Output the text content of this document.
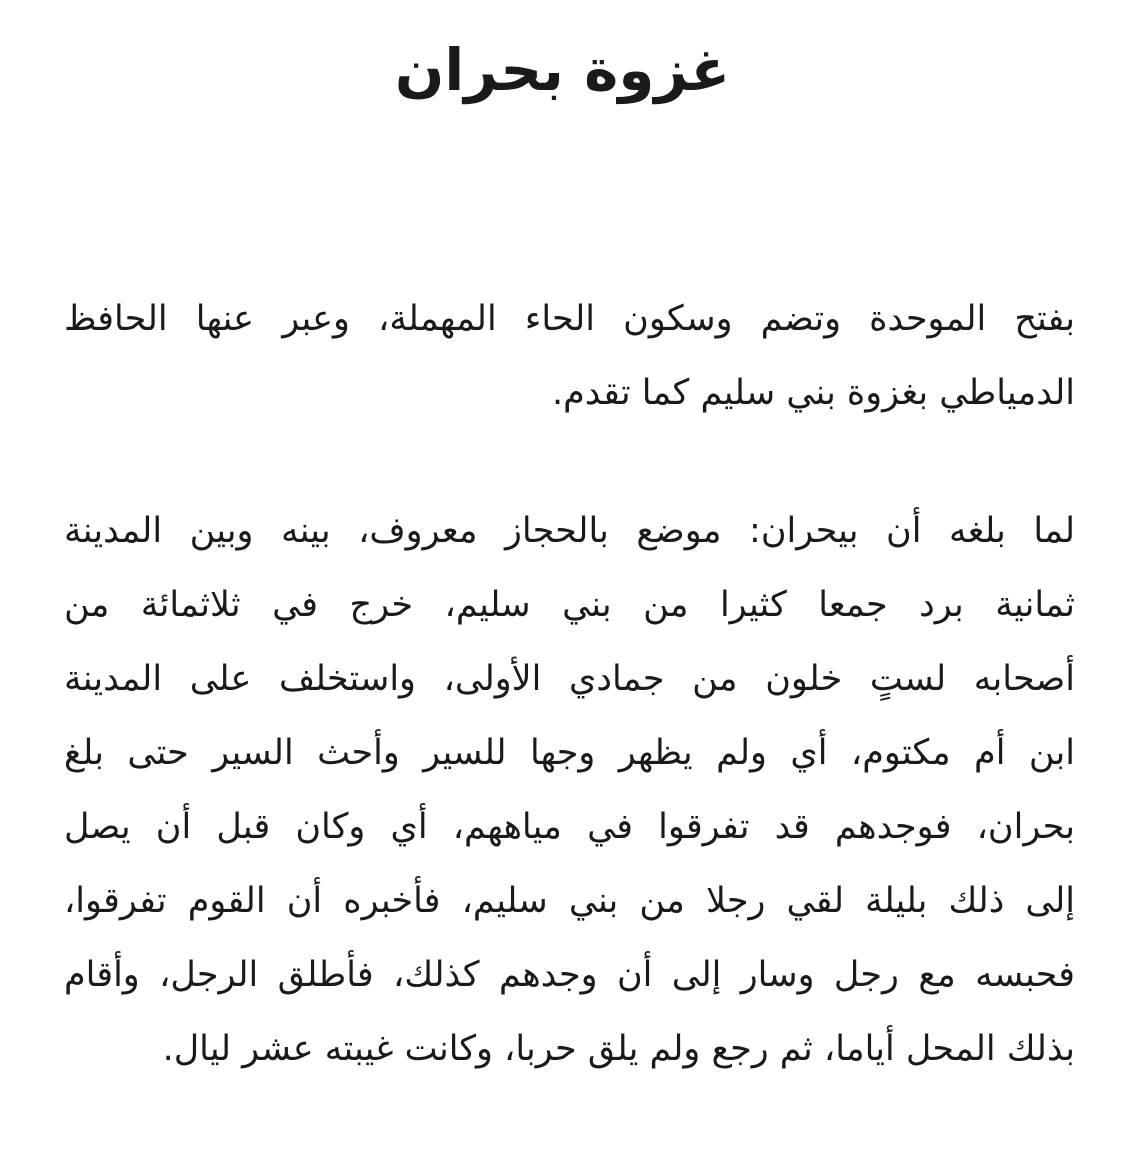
غزوة بحران
بفتح الموحدة وتضم وسكون الحاء المهملة، وعبر عنها الحافظ
الدمياطي بغزوة بني سليم كما تقدم.
لما بلغه أن بيحران: موضع بالحجاز معروف، بينه وبين المدينة
ثمانية برد جمعا كثيرا من بني سليم، خرج في ثلاثمائة من
أصحابه لستٍ خلون من جمادي الأولى، واستخلف على المدينة
ابن أم مكتوم، أي ولم يظهر وجها للسير وأحث السير حتى بلغ
بحران، فوجدهم قد تفرقوا في مياههم، أي وكان قبل أن يصل
إلى ذلك بليلة لقي رجلا من بني سليم، فأخبره أن القوم تفرقوا،
فحبسه مع رجل وسار إلى أن وجدهم كذلك، فأطلق الرجل، وأقام
بذلك المحل أياما، ثم رجع ولم يلق حربا، وكانت غيبته عشر ليال.
